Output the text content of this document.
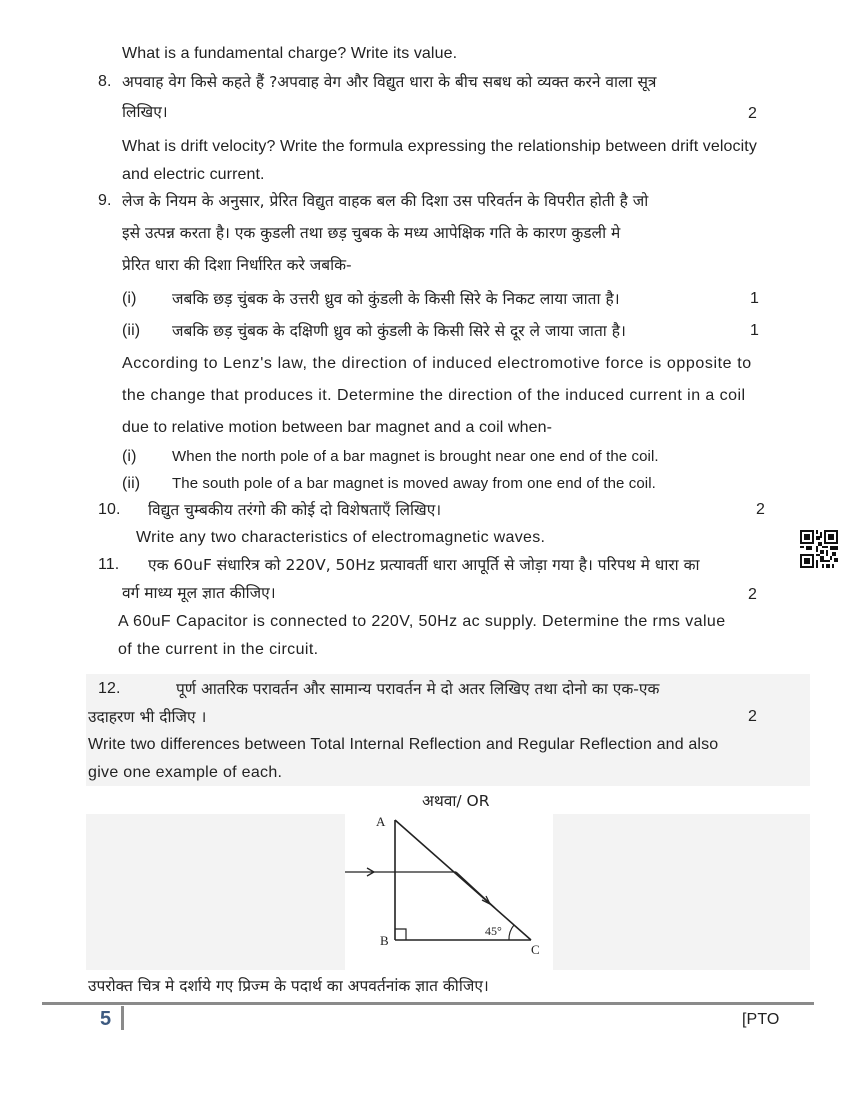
What is a fundamental charge? Write its value.
8. अपवाह वेग किसे कहते हैं ?अपवाह वेग और विद्युत धारा के बीच सबध को व्यक्त करने वाला सूत्र
लिखिए।	2
What is drift velocity? Write the formula expressing the relationship between drift velocity
and electric current.
9. लेज के नियम के अनुसार, प्रेरित विद्युत वाहक बल की दिशा उस परिवर्तन के विपरीत होती है जो
इसे उत्पन्न करता है। एक कुडली तथा छड़ चुबक के मध्य आपेक्षिक गति के कारण कुडली मे
प्रेरित धारा की दिशा निर्धारित करे जबकि-
(i) जबकि छड़ चुंबक के उत्तरी ध्रुव को कुंडली के किसी सिरे के निकट लाया जाता है।	1
(ii) जबकि छड़ चुंबक के दक्षिणी ध्रुव को कुंडली के किसी सिरे से दूर ले जाया जाता है।	1
According to Lenz's law, the direction of induced electromotive force is opposite to
the change that produces it. Determine the direction of the induced current in a coil
due to relative motion between bar magnet and a coil when-
(i) When the north pole of a bar magnet is brought near one end of the coil.
(ii) The south pole of a bar magnet is moved away from one end of the coil.
10. विद्युत चुम्बकीय तरंगो की कोई दो विशेषताएँ लिखिए।	2
Write any two characteristics of electromagnetic waves.
11. एक 60uF संधारित्र को 220V, 50Hz प्रत्यावर्ती धारा आपूर्ति से जोड़ा गया है। परिपथ मे धारा का
वर्ग माध्य मूल ज्ञात कीजिए।	2
A 60uF Capacitor is connected to 220V, 50Hz ac supply. Determine the rms value
of the current in the circuit.
12.	पूर्ण आतरिक परावर्तन और सामान्य परावर्तन मे दो अतर लिखिए तथा दोनो का एक-एक
उदाहरण भी दीजिए ।	2
Write two differences between Total Internal Reflection and Regular Reflection and also
give one example of each.
अथवा/ OR
A
B
C
45°
उपरोक्त चित्र मे दर्शाये गए प्रिज्म के पदार्थ का अपवर्तनांक ज्ञात कीजिए।
5	[PTO
